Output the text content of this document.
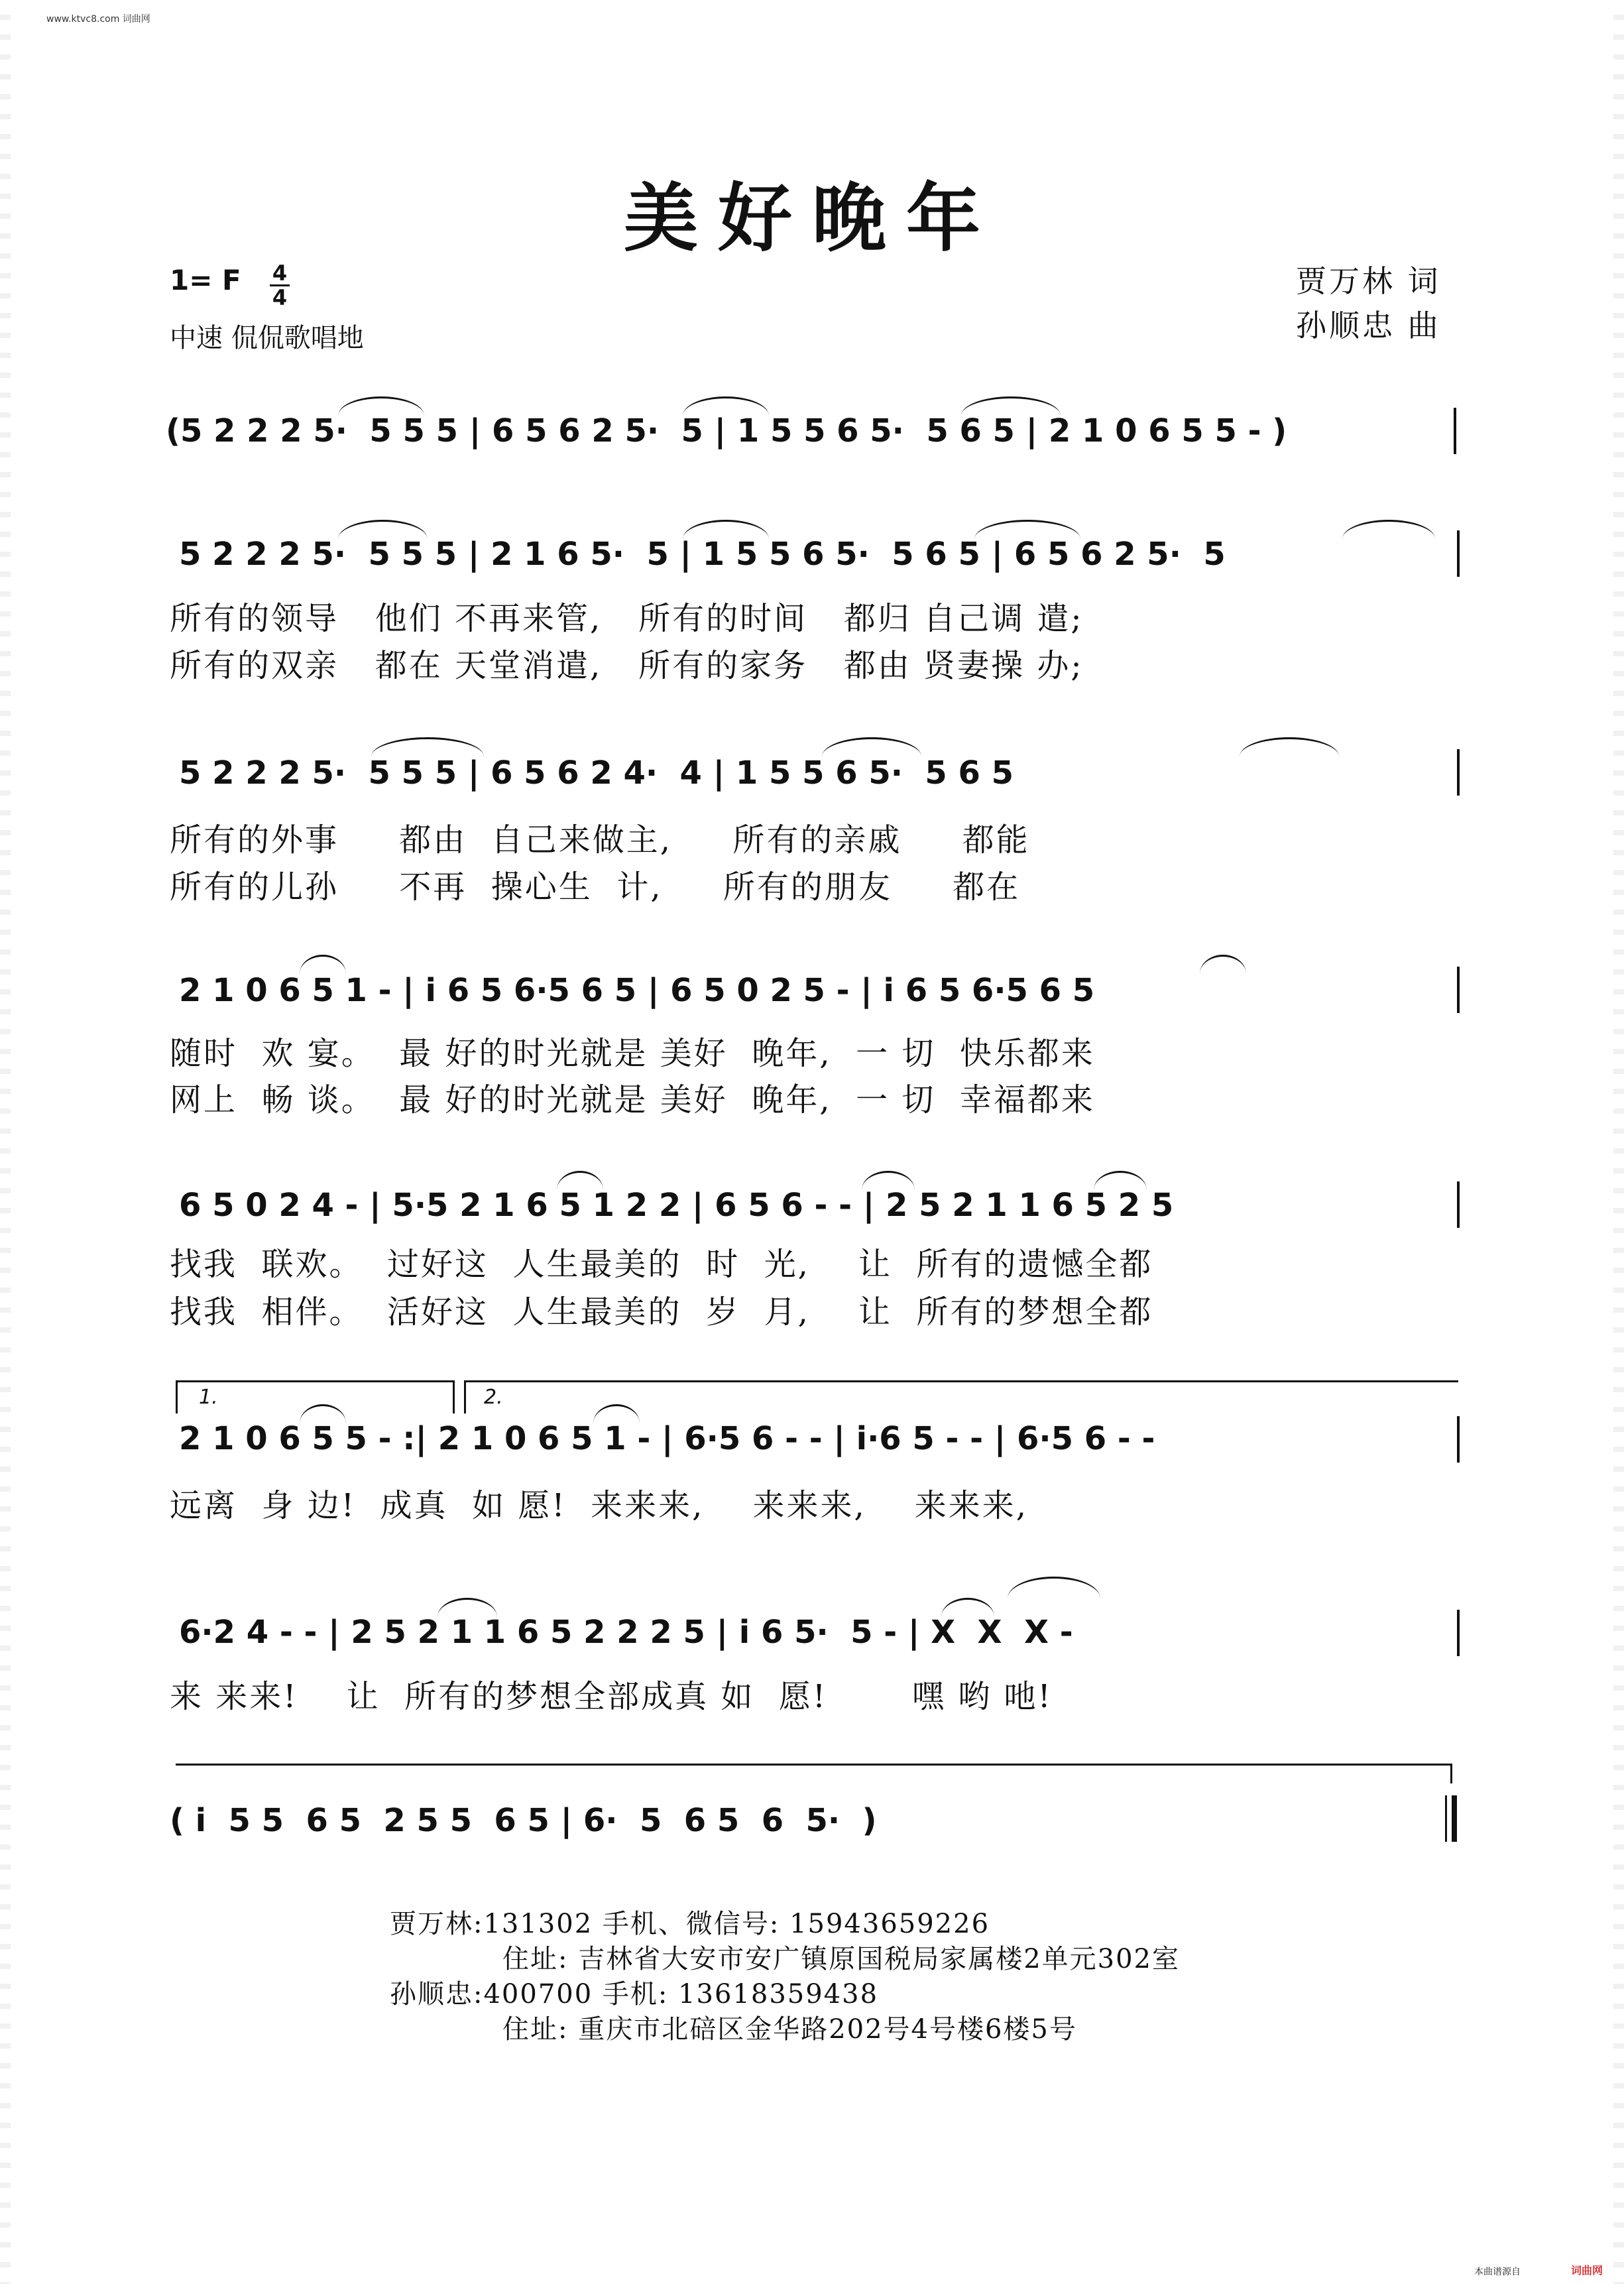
www.ktvc8.com 词曲网
美好晚年
1= F 4
4
中速 侃侃歌唱地
贾万林 词
孙顺忠 曲
(5 2 2 2 5·  5 5 5 | 6 5 6 2 5·  5 | 1 5 5 6 5·  5 6 5 | 2 1 0 6 5 5 - )
5 2 2 2 5·  5 5 5 | 2 1 6 5·  5 | 1 5 5 6 5·  5 6 5 | 6 5 6 2 5·  5
所有的领导   他们 不再来管,   所有的时间   都归 自己调 遣;
所有的双亲   都在 天堂消遣,   所有的家务   都由 贤妻操 办;
5 2 2 2 5·  5 5 5 | 6 5 6 2 4·  4 | 1 5 5 6 5·  5 6 5
所有的外事     都由  自己来做主,     所有的亲戚     都能
所有的儿孙     不再  操心生  计,     所有的朋友     都在
2 1 0 6 5 1 - | i 6 5 6·5 6 5 | 6 5 0 2 5 - | i 6 5 6·5 6 5
随时  欢 宴。  最 好的时光就是 美好  晚年,  一 切  快乐都来
网上  畅 谈。  最 好的时光就是 美好  晚年,  一 切  幸福都来
6 5 0 2 4 - | 5·5 2 1 6 5 1 2 2 | 6 5 6 - - | 2 5 2 1 1 6 5 2 5
找我  联欢。  过好这  人生最美的  时  光,    让  所有的遗憾全都
找我  相伴。  活好这  人生最美的  岁  月,    让  所有的梦想全都
1.	2.
2 1 0 6 5 5 - :| 2 1 0 6 5 1 - | 6·5 6 - - | i·6 5 - - | 6·5 6 - -
远离  身 边!  成真  如 愿!  来来来,    来来来,    来来来,
6·2 4 - - | 2 5 2 1 1 6 5 2 2 2 5 | i 6 5·  5 - | X  X  X -
来 来来!    让  所有的梦想全部成真 如  愿!       嘿 哟 吔!
( i  5 5  6 5  2 5 5  6 5 | 6·  5  6 5  6  5·  )
贾万林:131302 手机、微信号: 15943659226
住址: 吉林省大安市安广镇原国税局家属楼2单元302室
孙顺忠:400700 手机: 13618359438
住址: 重庆市北碚区金华路202号4号楼6楼5号
本曲谱源自	词曲网
